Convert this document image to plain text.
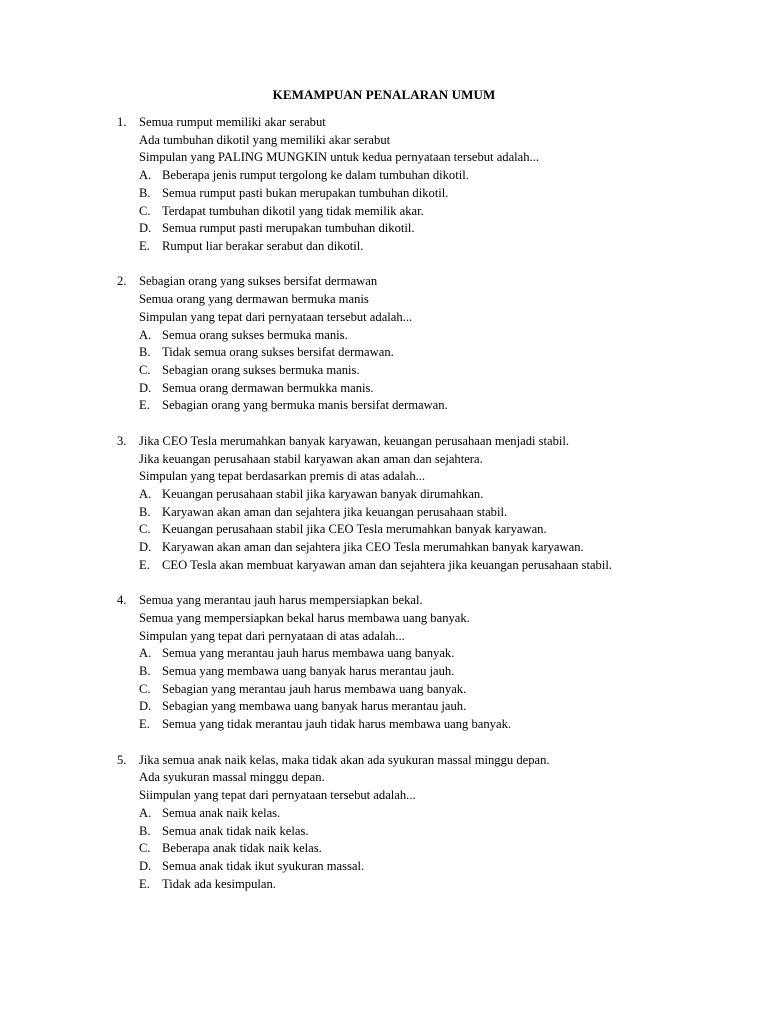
KEMAMPUAN PENALARAN UMUM
1. Semua rumput memiliki akar serabut
Ada tumbuhan dikotil yang memiliki akar serabut
Simpulan yang PALING MUNGKIN untuk kedua pernyataan tersebut adalah...
A. Beberapa jenis rumput tergolong ke dalam tumbuhan dikotil.
B. Semua rumput pasti bukan merupakan tumbuhan dikotil.
C. Terdapat tumbuhan dikotil yang tidak memilik akar.
D. Semua rumput pasti merupakan tumbuhan dikotil.
E. Rumput liar berakar serabut dan dikotil.
2. Sebagian orang yang sukses bersifat dermawan
Semua orang yang dermawan bermuka manis
Simpulan yang tepat dari pernyataan tersebut adalah...
A. Semua orang sukses bermuka manis.
B. Tidak semua orang sukses bersifat dermawan.
C. Sebagian orang sukses bermuka manis.
D. Semua orang dermawan bermukka manis.
E. Sebagian orang yang bermuka manis bersifat dermawan.
3. Jika CEO Tesla merumahkan banyak karyawan, keuangan perusahaan menjadi stabil.
Jika keuangan perusahaan stabil karyawan akan aman dan sejahtera.
Simpulan yang tepat berdasarkan premis di atas adalah...
A. Keuangan perusahaan stabil jika karyawan banyak dirumahkan.
B. Karyawan akan aman dan sejahtera jika keuangan perusahaan stabil.
C. Keuangan perusahaan stabil jika CEO Tesla merumahkan banyak karyawan.
D. Karyawan akan aman dan sejahtera jika CEO Tesla merumahkan banyak karyawan.
E. CEO Tesla akan membuat karyawan aman dan sejahtera jika keuangan perusahaan stabil.
4. Semua yang merantau jauh harus mempersiapkan bekal.
Semua yang mempersiapkan bekal harus membawa uang banyak.
Simpulan yang tepat dari pernyataan di atas adalah...
A. Semua yang merantau jauh harus membawa uang banyak.
B. Semua yang membawa uang banyak harus merantau jauh.
C. Sebagian yang merantau jauh harus membawa uang banyak.
D. Sebagian yang membawa uang banyak harus merantau jauh.
E. Semua yang tidak merantau jauh tidak harus membawa uang banyak.
5. Jika semua anak naik kelas, maka tidak akan ada syukuran massal minggu depan.
Ada syukuran massal minggu depan.
Siimpulan yang tepat dari pernyataan tersebut adalah...
A. Semua anak naik kelas.
B. Semua anak tidak naik kelas.
C. Beberapa anak tidak naik kelas.
D. Semua anak tidak ikut syukuran massal.
E. Tidak ada kesimpulan.
